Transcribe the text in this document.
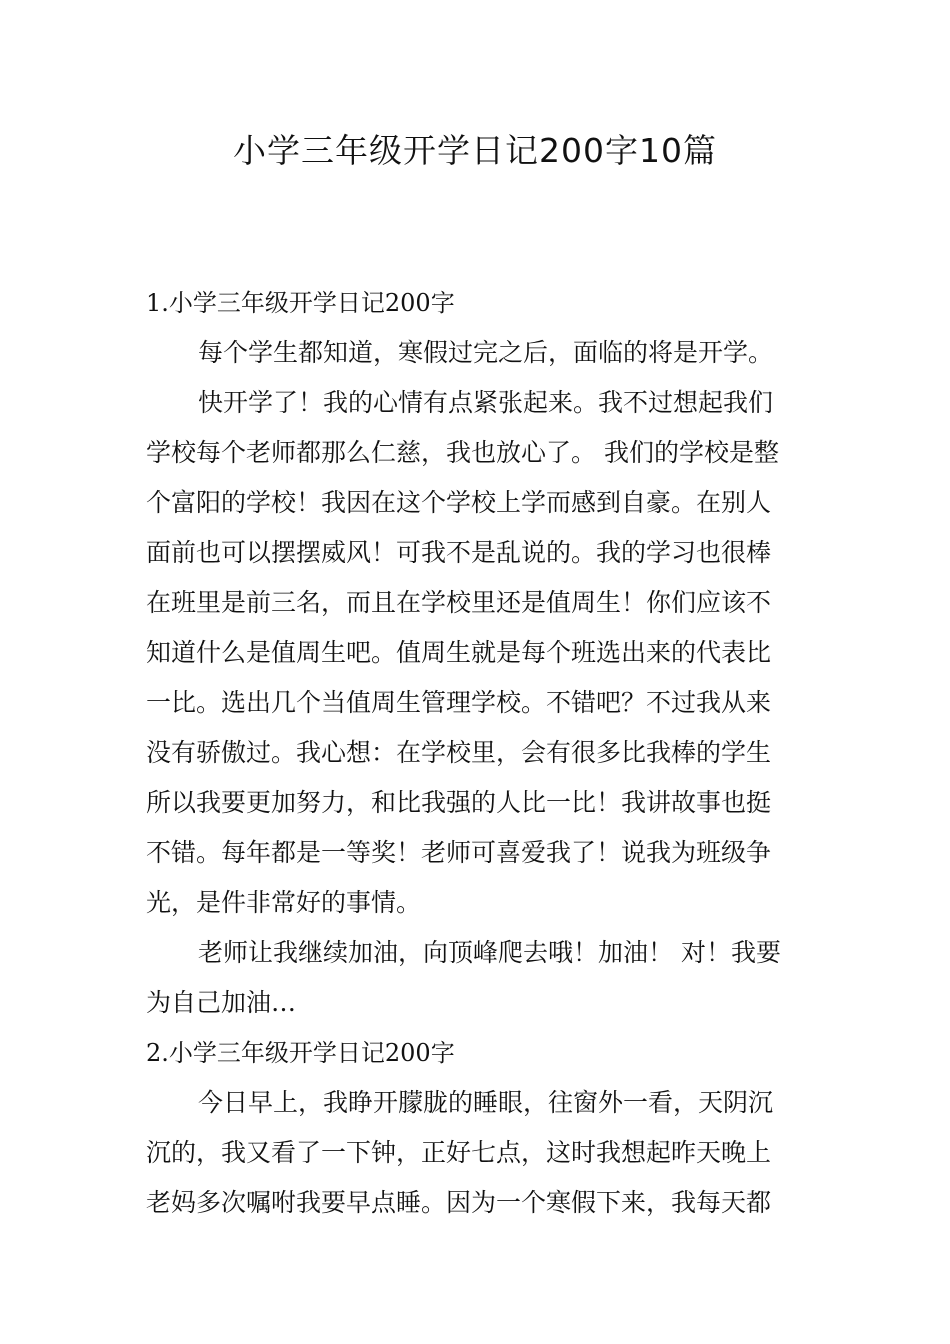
小学三年级开学日记200字10篇
1.小学三年级开学日记200字
每个学生都知道，寒假过完之后，面临的将是开学。
快开学了！我的心情有点紧张起来。我不过想起我们
学校每个老师都那么仁慈，我也放心了。 我们的学校是整
个富阳的学校！我因在这个学校上学而感到自豪。在别人
面前也可以摆摆威风！可我不是乱说的。我的学习也很棒
在班里是前三名，而且在学校里还是值周生！你们应该不
知道什么是值周生吧。值周生就是每个班选出来的代表比
一比。选出几个当值周生管理学校。不错吧？不过我从来
没有骄傲过。我心想：在学校里，会有很多比我棒的学生
所以我要更加努力，和比我强的人比一比！我讲故事也挺
不错。每年都是一等奖！老师可喜爱我了！说我为班级争
光，是件非常好的事情。
老师让我继续加油，向顶峰爬去哦！加油！ 对！我要
为自己加油…
2.小学三年级开学日记200字
今日早上，我睁开朦胧的睡眼，往窗外一看，天阴沉
沉的，我又看了一下钟，正好七点，这时我想起昨天晚上
老妈多次嘱咐我要早点睡。因为一个寒假下来，我每天都
